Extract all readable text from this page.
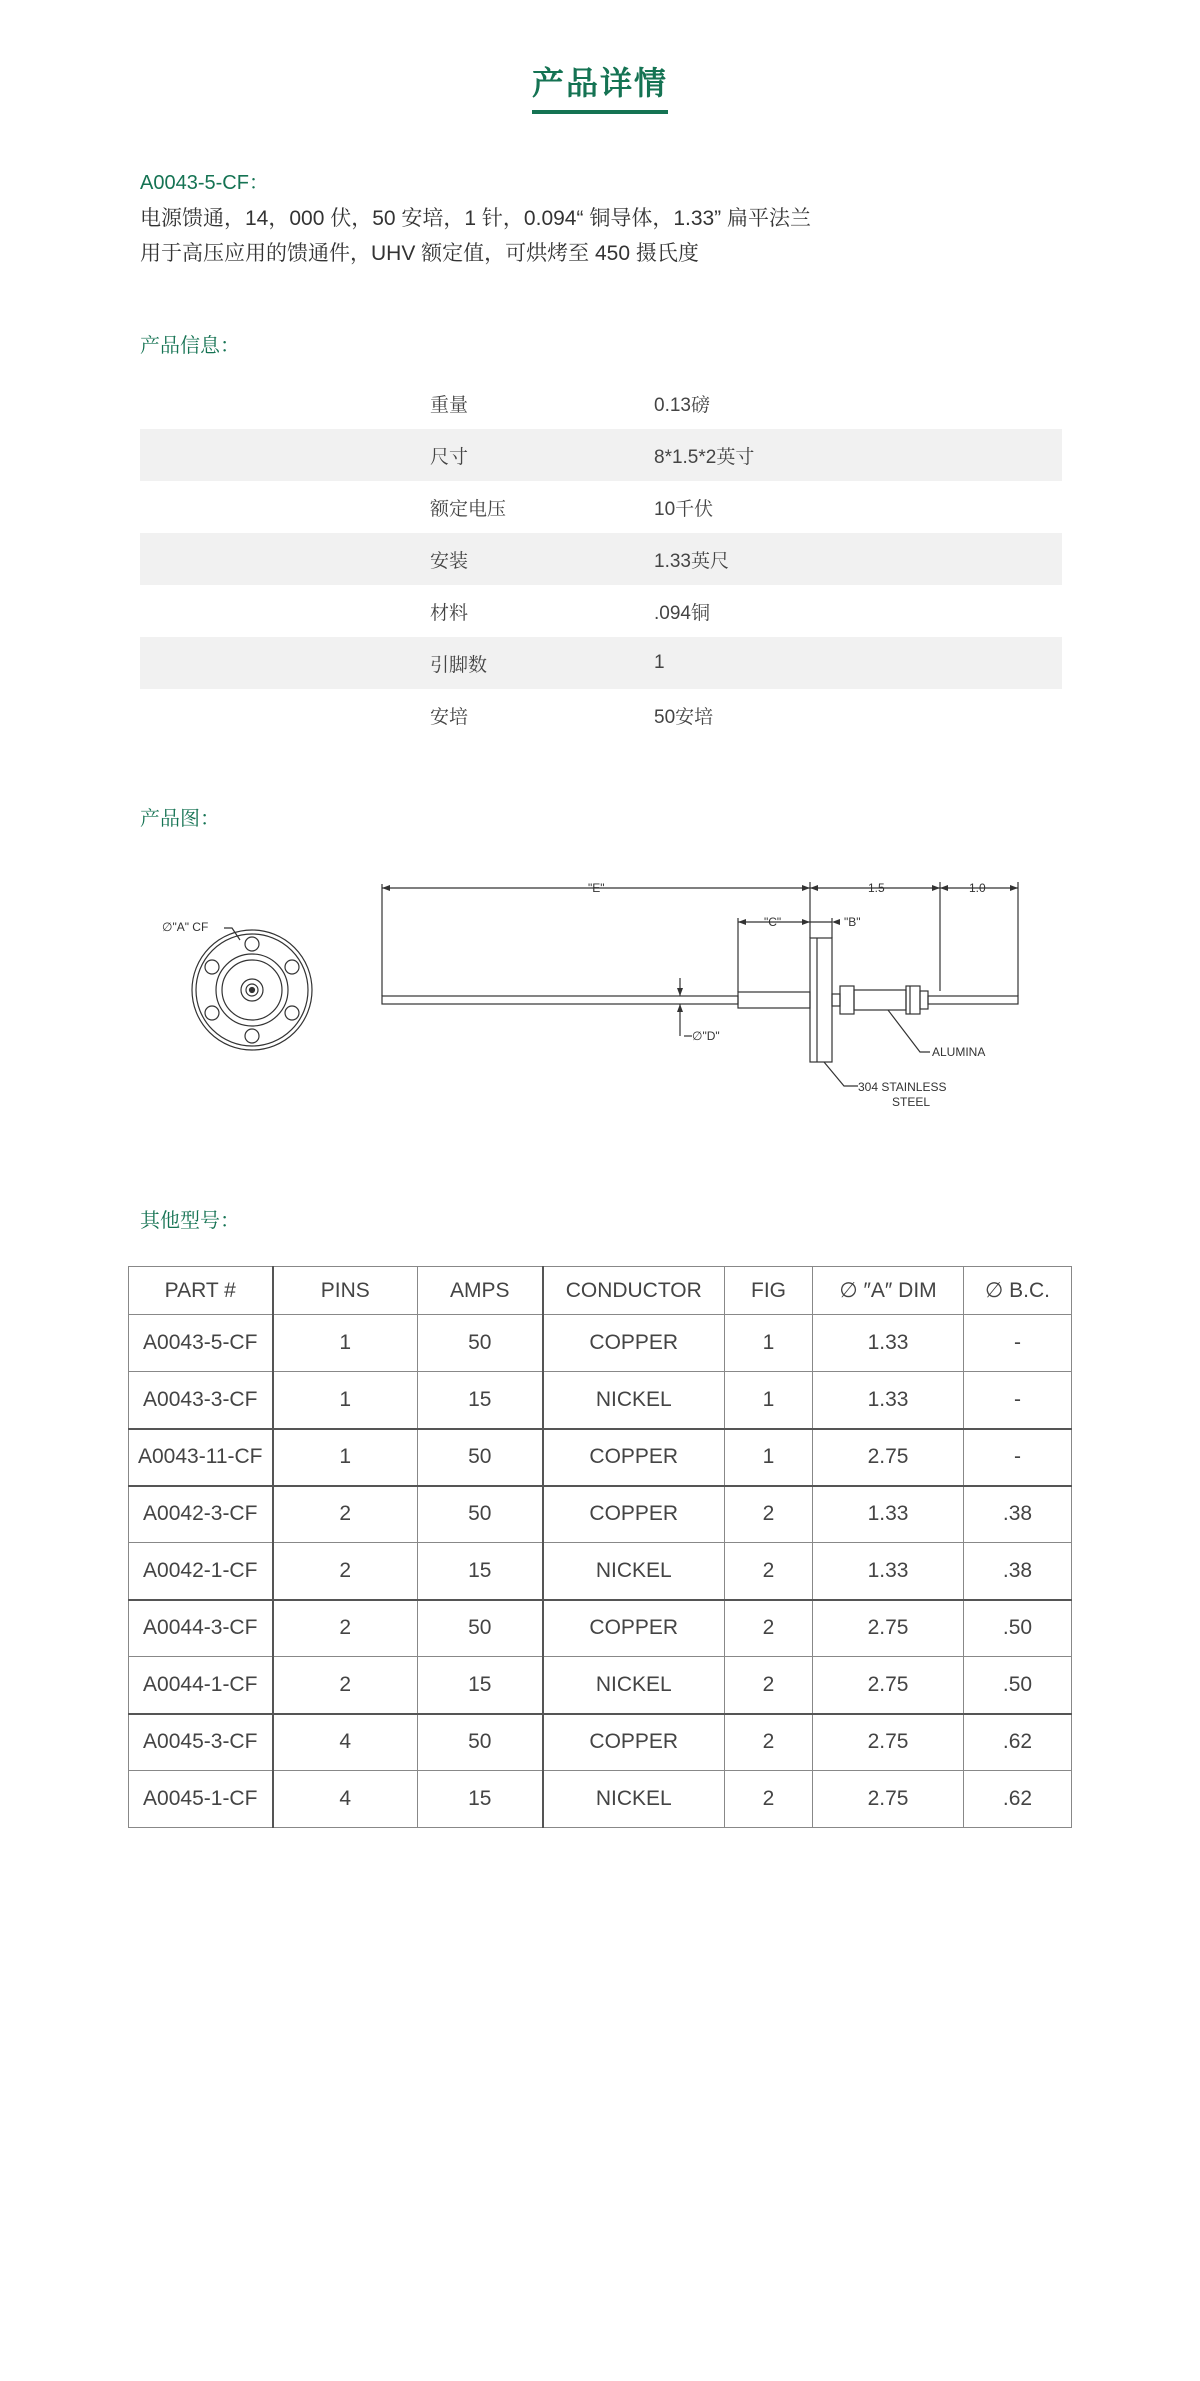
产品详情
A0043-5-CF：
电源馈通，14，000 伏，50 安培，1 针，0.094“ 铜导体，1.33” 扁平法兰
用于高压应用的馈通件，UHV 额定值，可烘烤至 450 摄氏度
产品信息：
重量	0.13磅
尺寸	8*1.5*2英寸
额定电压	10千伏
安装	1.33英尺
材料	.094铜
引脚数	1
安培	50安培
产品图：
∅"A" CF
"E"	1.5	1.0
"C"	"B"
∅"D"
ALUMINA
304 STAINLESS
STEEL
其他型号：
PART #	PINS	AMPS	CONDUCTOR	FIG	∅ ″A″ DIM	∅ B.C.
A0043-5-CF	1	50	COPPER	1	1.33	-
A0043-3-CF	1	15	NICKEL	1	1.33	-
A0043-11-CF	1	50	COPPER	1	2.75	-
A0042-3-CF	2	50	COPPER	2	1.33	.38
A0042-1-CF	2	15	NICKEL	2	1.33	.38
A0044-3-CF	2	50	COPPER	2	2.75	.50
A0044-1-CF	2	15	NICKEL	2	2.75	.50
A0045-3-CF	4	50	COPPER	2	2.75	.62
A0045-1-CF	4	15	NICKEL	2	2.75	.62
